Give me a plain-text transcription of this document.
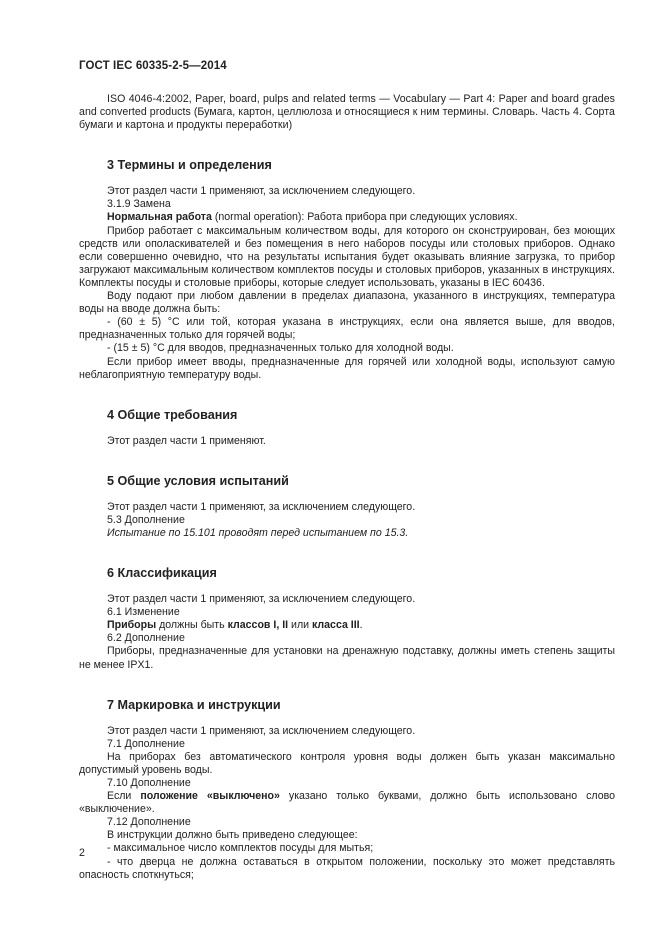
ГОСТ IEC 60335-2-5—2014

ISO 4046-4:2002, Paper, board, pulps and related terms — Vocabulary — Part 4: Paper and board grades and converted products (Бумага, картон, целлюлоза и относящиеся к ним термины. Словарь. Часть 4. Сорта бумаги и картона и продукты переработки)

3 Термины и определения

Этот раздел части 1 применяют, за исключением следующего.

3.1.9 Замена

Нормальная работа (normal operation): Работа прибора при следующих условиях.

Прибор работает с максимальным количеством воды, для которого он сконструирован, без моющих средств или ополаскивателей и без помещения в него наборов посуды или столовых приборов. Однако если совершенно очевидно, что на результаты испытания будет оказывать влияние загрузка, то прибор загружают максимальным количеством комплектов посуды и столовых приборов, указанных в инструкциях. Комплекты посуды и столовые приборы, которые следует использовать, указаны в IEC 60436.

Воду подают при любом давлении в пределах диапазона, указанного в инструкциях, температура воды на вводе должна быть:

- (60 ± 5) °С или той, которая указана в инструкциях, если она является выше, для вводов, предназначенных только для горячей воды;

- (15 ± 5) °С для вводов, предназначенных только для холодной воды.

Если прибор имеет вводы, предназначенные для горячей или холодной воды, используют самую неблагоприятную температуру воды.

4 Общие требования

Этот раздел части 1 применяют.

5 Общие условия испытаний

Этот раздел части 1 применяют, за исключением следующего.

5.3 Дополнение

Испытание по 15.101 проводят перед испытанием по 15.3.

6 Классификация

Этот раздел части 1 применяют, за исключением следующего.

6.1 Изменение

Приборы должны быть классов I, II или класса III.

6.2 Дополнение

Приборы, предназначенные для установки на дренажную подставку, должны иметь степень защиты не менее IPX1.

7 Маркировка и инструкции

Этот раздел части 1 применяют, за исключением следующего.

7.1 Дополнение

На приборах без автоматического контроля уровня воды должен быть указан максимально допустимый уровень воды.

7.10 Дополнение

Если положение «выключено» указано только буквами, должно быть использовано слово «выключение».

7.12 Дополнение

В инструкции должно быть приведено следующее:

- максимальное число комплектов посуды для мытья;

- что дверца не должна оставаться в открытом положении, поскольку это может представлять опасность споткнуться;

2
